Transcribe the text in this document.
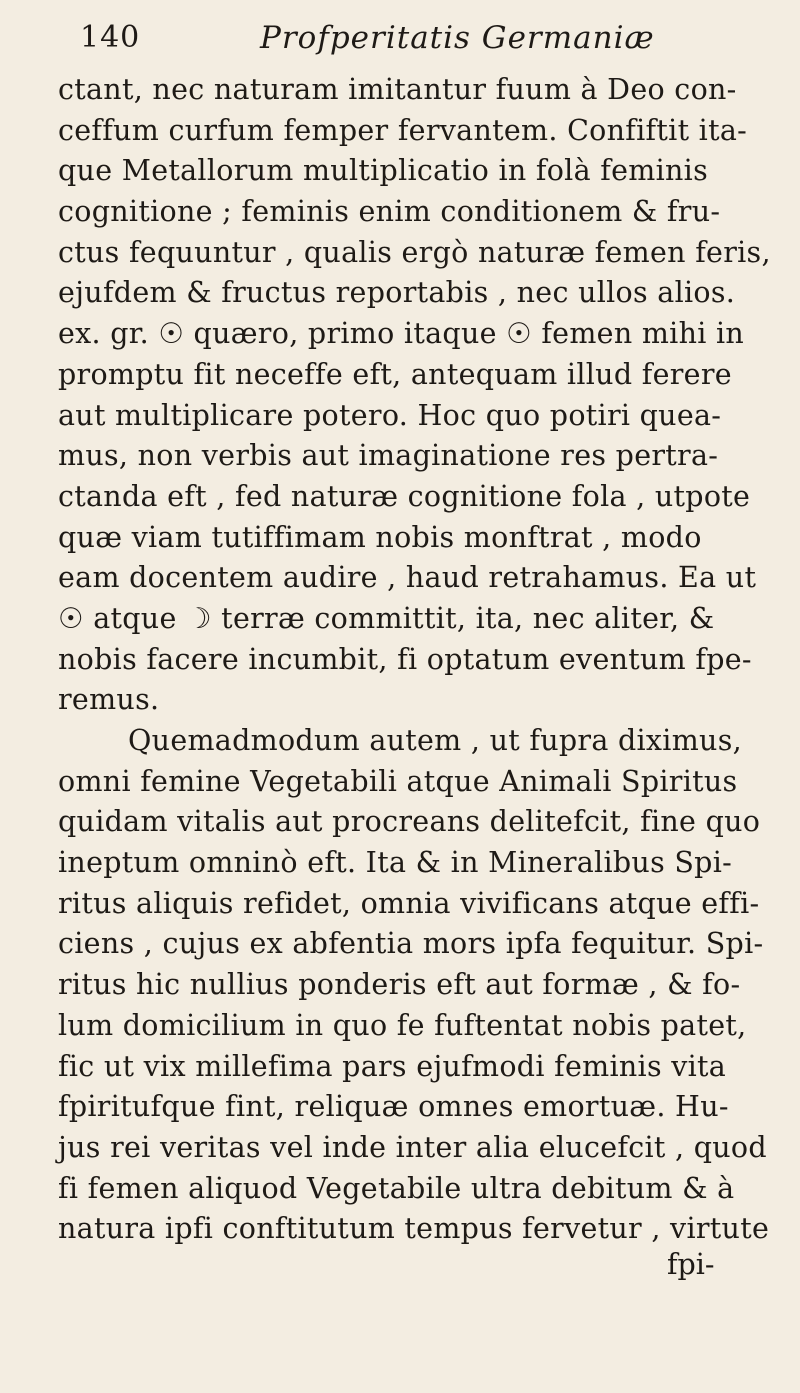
140	Profperitatis Germaniæ
ctant, nec naturam imitantur fuum à Deo con-
ceffum curfum femper fervantem. Confiftit ita-
que Metallorum multiplicatio in folà feminis
cognitione ; feminis enim conditionem & fru-
ctus fequuntur , qualis ergò naturæ femen feris,
ejufdem & fructus reportabis , nec ullos alios.
ex. gr. ☉ quæro, primo itaque ☉ femen mihi in
promptu fit neceffe eft, antequam illud ferere
aut multiplicare potero. Hoc quo potiri quea-
mus, non verbis aut imaginatione res pertra-
ctanda eft , fed naturæ cognitione fola , utpote
quæ viam tutiffimam nobis monftrat , modo
eam docentem audire , haud retrahamus. Ea ut
☉ atque ☽ terræ committit, ita, nec aliter, &
nobis facere incumbit, fi optatum eventum fpe-
remus.
Quemadmodum autem , ut fupra diximus,
omni femine Vegetabili atque Animali Spiritus
quidam vitalis aut procreans delitefcit, fine quo
ineptum omninò eft. Ita & in Mineralibus Spi-
ritus aliquis refidet, omnia vivificans atque effi-
ciens , cujus ex abfentia mors ipfa fequitur. Spi-
ritus hic nullius ponderis eft aut formæ , & fo-
lum domicilium in quo fe fuftentat nobis patet,
fic ut vix millefima pars ejufmodi feminis vita
fpiritufque fint, reliquæ omnes emortuæ. Hu-
jus rei veritas vel inde inter alia elucefcit , quod
fi femen aliquod Vegetabile ultra debitum & à
natura ipfi conftitutum tempus fervetur , virtute
fpi-
